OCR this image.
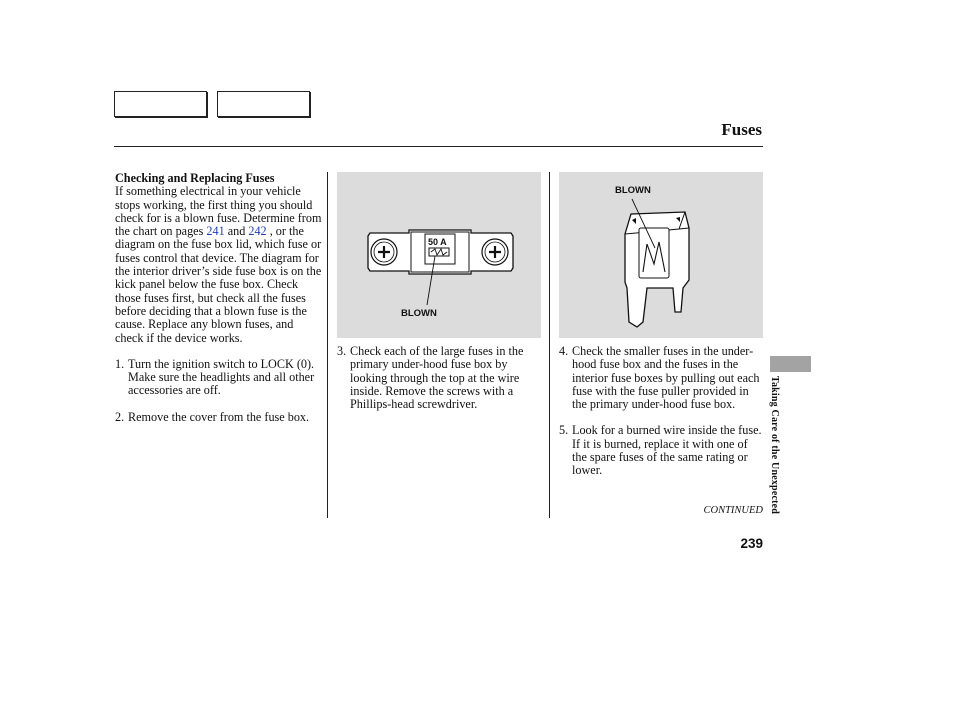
Fuses

Checking and Replacing Fuses

If something electrical in your vehicle stops working, the first thing you should check for is a blown fuse. Determine from the chart on pages 241 and 242 , or the diagram on the fuse box lid, which fuse or fuses control that device. The diagram for the interior driver’s side fuse box is on the kick panel below the fuse box. Check those fuses first, but check all the fuses before deciding that a blown fuse is the cause. Replace any blown fuses, and check if the device works.

1. Turn the ignition switch to LOCK (0). Make sure the headlights and all other accessories are off.
2. Remove the cover from the fuse box.
50 A
BLOWN
BLOWN
3. Check each of the large fuses in the primary under-hood fuse box by looking through the top at the wire inside. Remove the screws with a Phillips-head screwdriver.
4. Check the smaller fuses in the under-hood fuse box and the fuses in the interior fuse boxes by pulling out each fuse with the fuse puller provided in the primary under-hood fuse box.
5. Look for a burned wire inside the fuse. If it is burned, replace it with one of the spare fuses of the same rating or lower.
CONTINUED
239
Taking Care of the Unexpected
